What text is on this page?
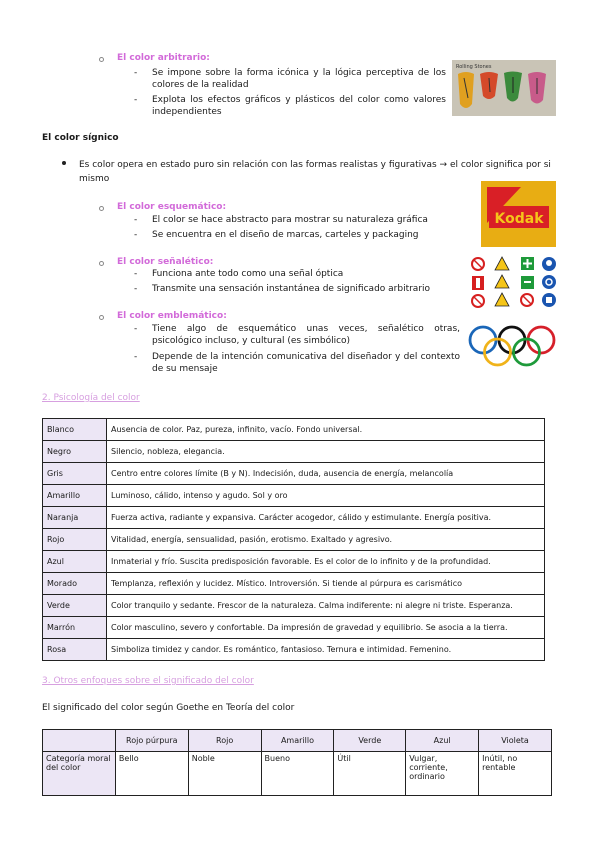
El color arbitrario:
- Se impone sobre la forma icónica y la lógica perceptiva de los colores de la realidad
- Explota los efectos gráficos y plásticos del color como valores independientes
Rolling Stones
El color sígnico
Es color opera en estado puro sin relación con las formas realistas y figurativas → el color significa por si mismo
El color esquemático:
- El color se hace abstracto para mostrar su naturaleza gráfica
- Se encuentra en el diseño de marcas, carteles y packaging
Kodak
El color señalético:
- Funciona ante todo como una señal óptica
- Transmite una sensación instantánea de significado arbitrario
El color emblemático:
- Tiene algo de esquemático unas veces, señalético otras, psicológico incluso, y cultural (es simbólico)
- Depende de la intención comunicativa del diseñador y del contexto de su mensaje
2. Psicología del color
Blanco	Ausencia de color. Paz, pureza, infinito, vacío. Fondo universal.
Negro	Silencio, nobleza, elegancia.
Gris	Centro entre colores límite (B y N). Indecisión, duda, ausencia de energía, melancolía
Amarillo	Luminoso, cálido, intenso y agudo. Sol y oro
Naranja	Fuerza activa, radiante y expansiva. Carácter acogedor, cálido y estimulante. Energía positiva.
Rojo	Vitalidad, energía, sensualidad, pasión, erotismo. Exaltado y agresivo.
Azul	Inmaterial y frío. Suscita predisposición favorable. Es el color de lo infinito y de la profundidad.
Morado	Templanza, reflexión y lucidez. Místico. Introversión. Si tiende al púrpura es carismático
Verde	Color tranquilo y sedante. Frescor de la naturaleza. Calma indiferente: ni alegre ni triste. Esperanza.
Marrón	Color masculino, severo y confortable. Da impresión de gravedad y equilibrio. Se asocia a la tierra.
Rosa	Simboliza timidez y candor. Es romántico, fantasioso. Ternura e intimidad. Femenino.
3. Otros enfoques sobre el significado del color
El significado del color según Goethe en Teoría del color
	Rojo púrpura	Rojo	Amarillo	Verde	Azul	Violeta
Categoría moral del color	Bello	Noble	Bueno	Útil	Vulgar, corriente, ordinario	Inútil, no rentable
